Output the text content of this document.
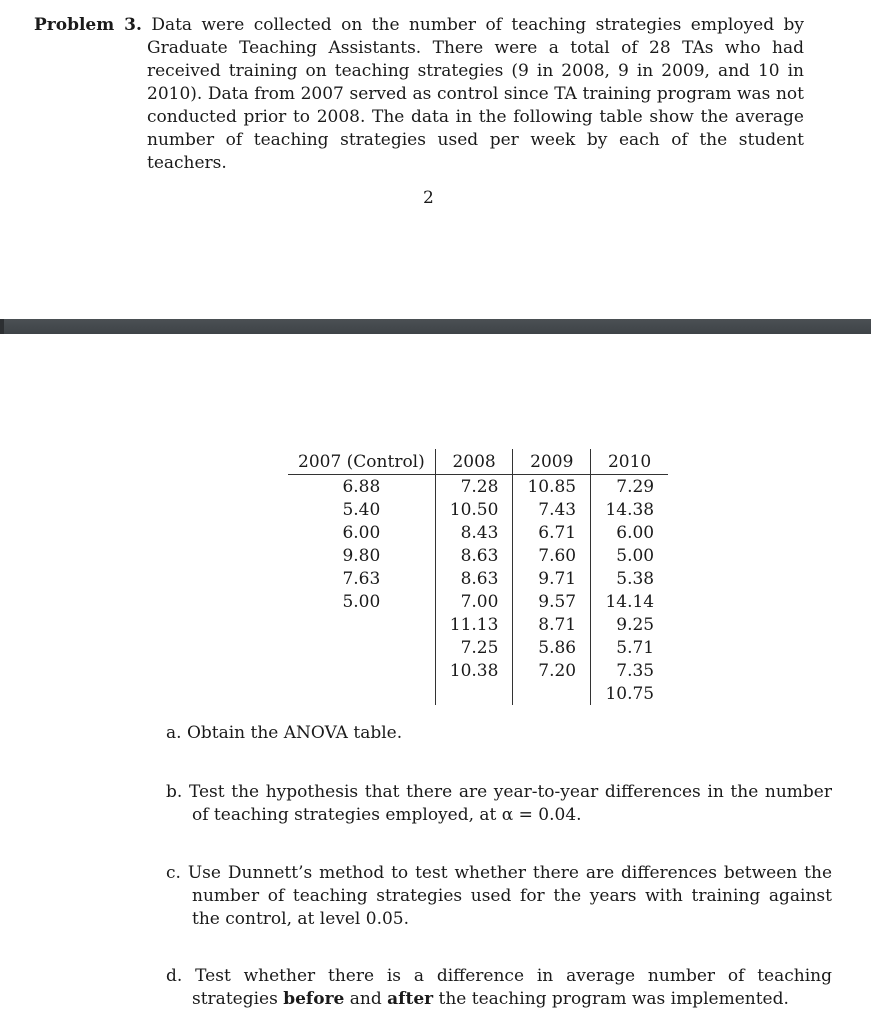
Problem 3. Data were collected on the number of teaching strategies employed by Graduate Teaching Assistants. There were a total of 28 TAs who had received training on teaching strategies (9 in 2008, 9 in 2009, and 10 in 2010). Data from 2007 served as control since TA training program was not conducted prior to 2008. The data in the following table show the average number of teaching strategies used per week by each of the student teachers.
2
2007 (Control)	2008	2009	2010
6.88	7.28	10.85	7.29
5.40	10.50	7.43	14.38
6.00	8.43	6.71	6.00
9.80	8.63	7.60	5.00
7.63	8.63	9.71	5.38
5.00	7.00	9.57	14.14
	11.13	8.71	9.25
	7.25	5.86	5.71
	10.38	7.20	7.35
			10.75
a. Obtain the ANOVA table.
b. Test the hypothesis that there are year-to-year differences in the number of teaching strategies employed, at α = 0.04.
c. Use Dunnett’s method to test whether there are differences between the number of teaching strategies used for the years with training against the control, at level 0.05.
d. Test whether there is a difference in average number of teaching strategies before and after the teaching program was implemented.
